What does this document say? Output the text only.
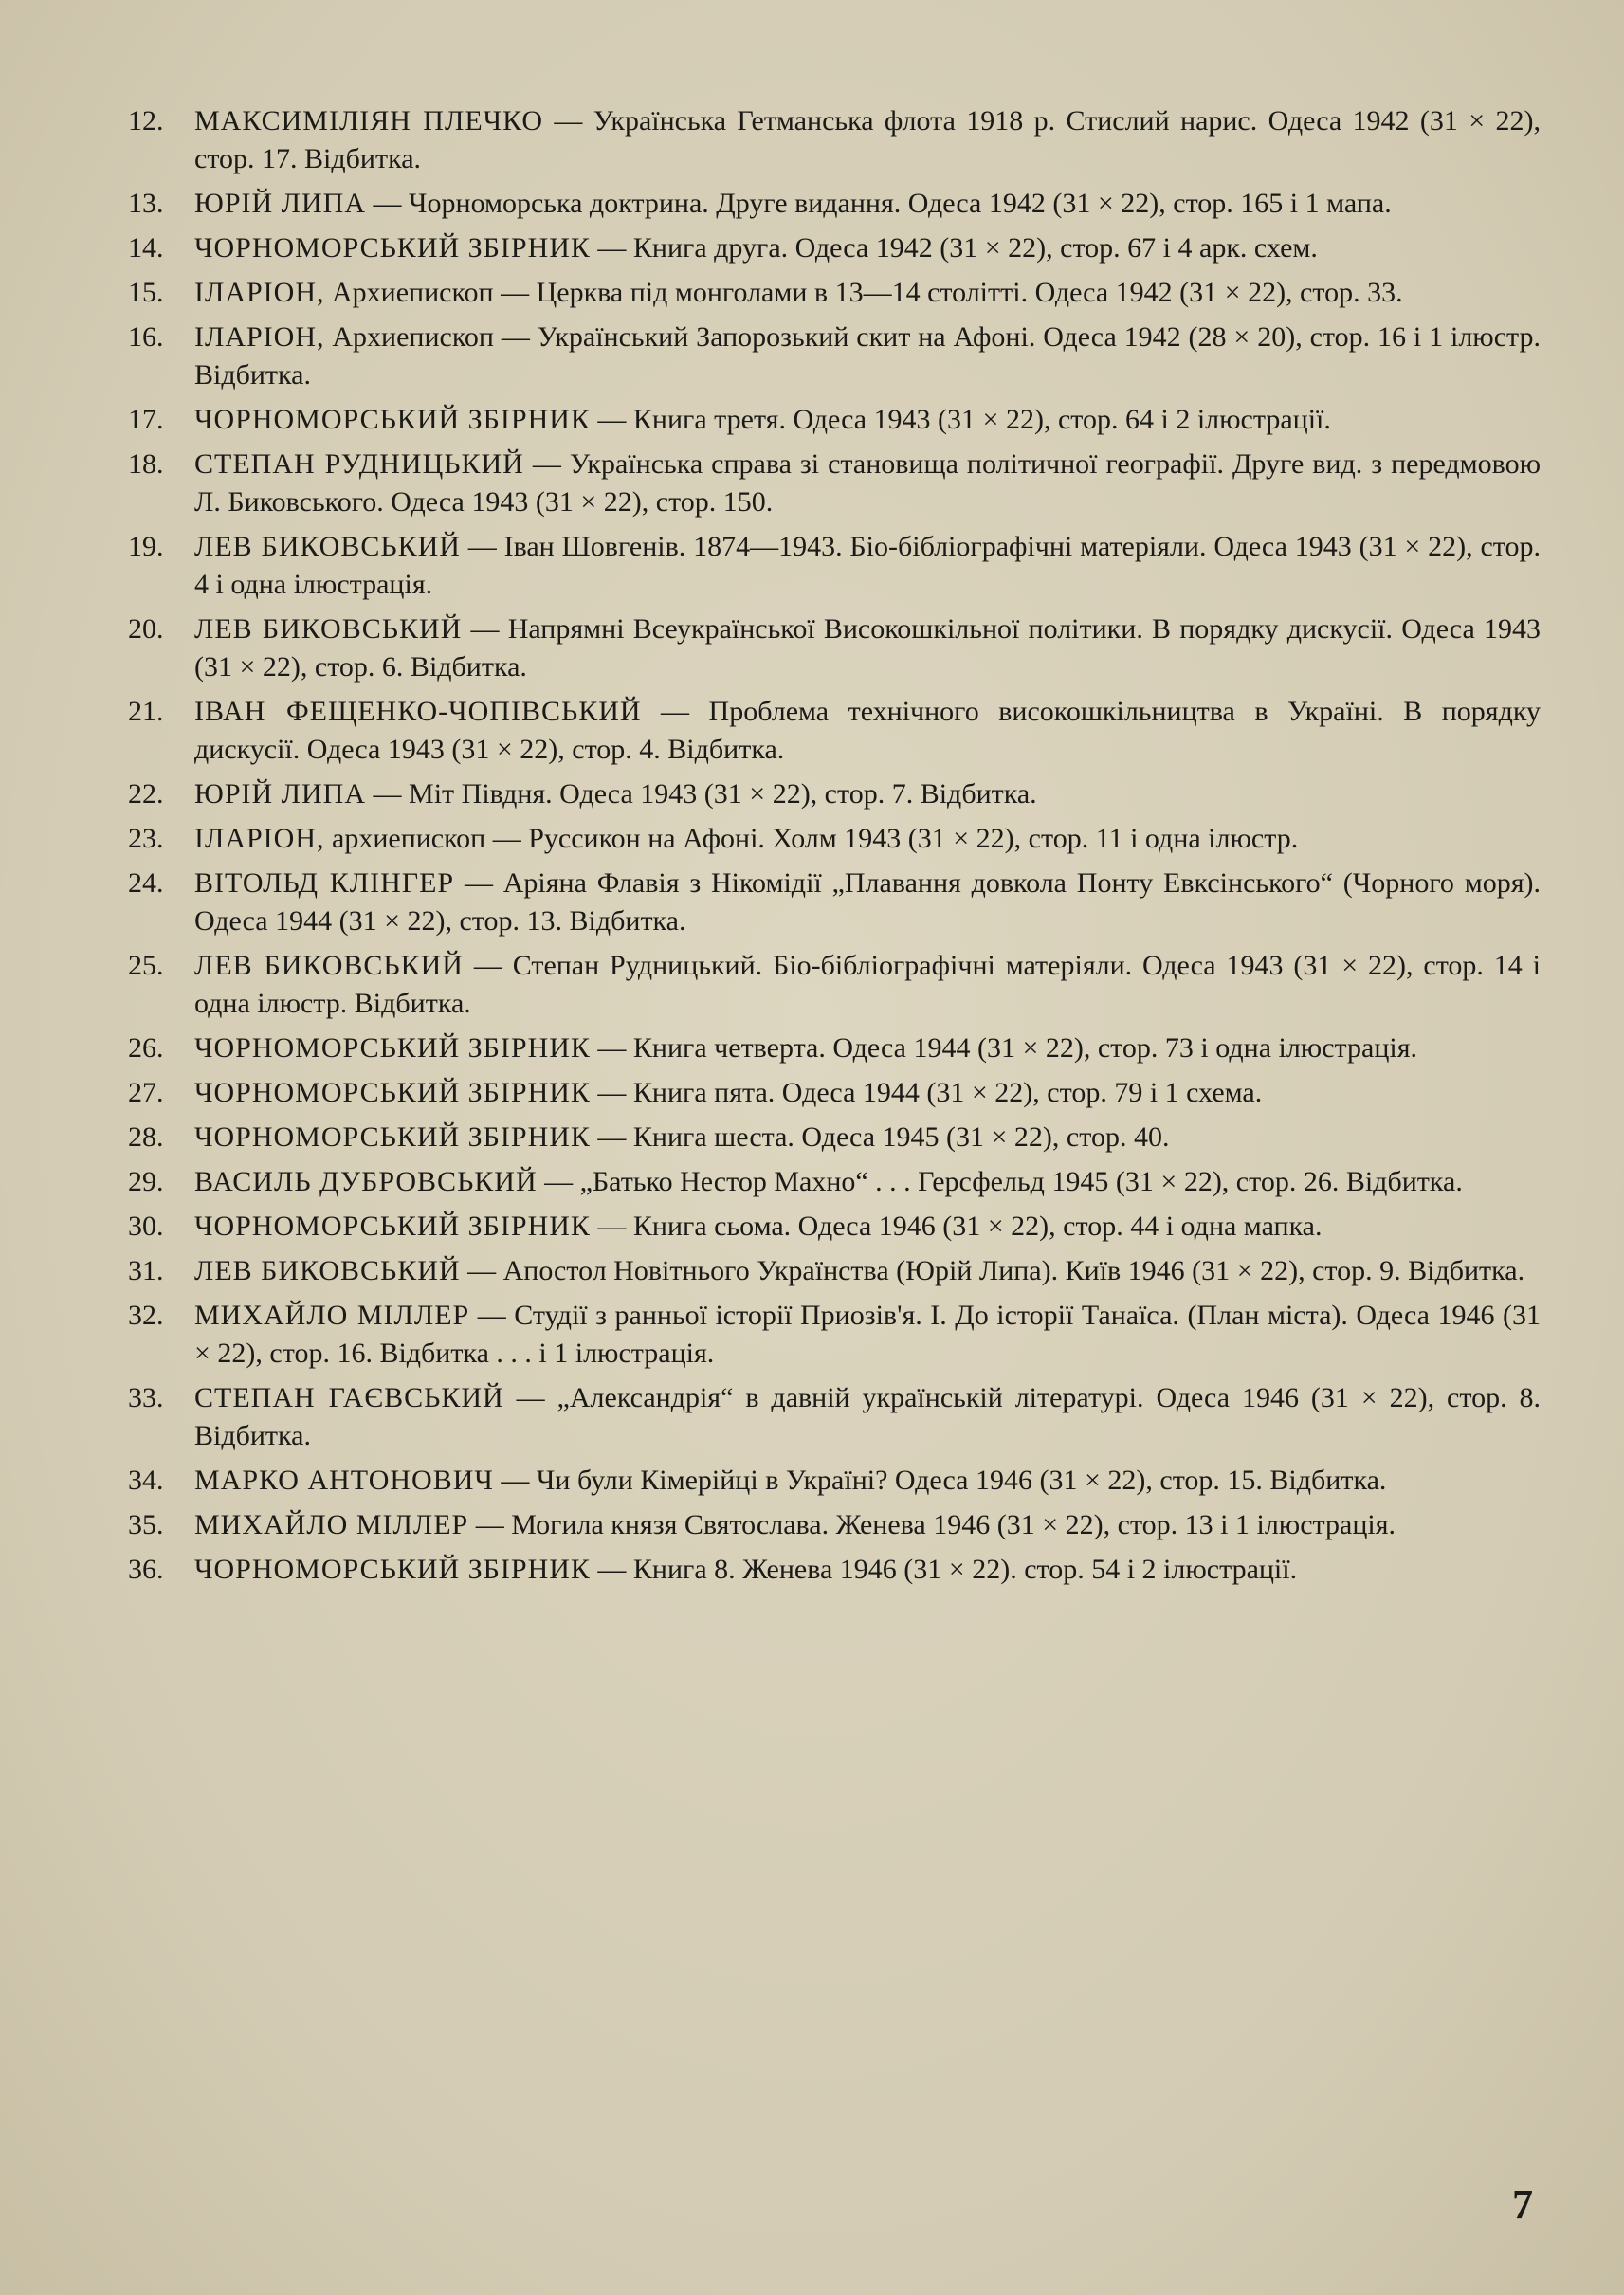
12.	МАКСИМІЛІЯН ПЛЕЧКО — Українська Гетманська флота 1918 р. Стислий нарис. Одеса 1942 (31 × 22), стор. 17. Відбитка.
13.	ЮРІЙ ЛИПА — Чорноморська доктрина. Друге видання. Одеса 1942 (31 × 22), стор. 165 і 1 мапа.
14.	ЧОРНОМОРСЬКИЙ ЗБІРНИК — Книга друга. Одеса 1942 (31 × 22), стор. 67 і 4 арк. схем.
15.	ІЛАРІОН, Архиепископ — Церква під монголами в 13—14 столітті. Одеса 1942 (31 × 22), стор. 33.
16.	ІЛАРІОН, Архиепископ — Український Запорозький скит на Афоні. Одеса 1942 (28 × 20), стор. 16 і 1 ілюстр. Відбитка.
17.	ЧОРНОМОРСЬКИЙ ЗБІРНИК — Книга третя. Одеса 1943 (31 × 22), стор. 64 і 2 ілюстрації.
18.	СТЕПАН РУДНИЦЬКИЙ — Українська справа зі становища політичної географії. Друге вид. з передмовою Л. Биковського. Одеса 1943 (31 × 22), стор. 150.
19.	ЛЕВ БИКОВСЬКИЙ — Іван Шовгенів. 1874—1943. Біо-бібліографічні матеріяли. Одеса 1943 (31 × 22), стор. 4 і одна ілюстрація.
20.	ЛЕВ БИКОВСЬКИЙ — Напрямні Всеукраїнської Високошкільної політики. В порядку дискусії. Одеса 1943 (31 × 22), стор. 6. Відбитка.
21.	ІВАН ФЕЩЕНКО-ЧОПІВСЬКИЙ — Проблема технічного високошкільництва в Україні. В порядку дискусії. Одеса 1943 (31 × 22), стор. 4. Відбитка.
22.	ЮРІЙ ЛИПА — Міт Півдня. Одеса 1943 (31 × 22), стор. 7. Відбитка.
23.	ІЛАРІОН, архиепископ — Руссикон на Афоні. Холм 1943 (31 × 22), стор. 11 і одна ілюстр.
24.	ВІТОЛЬД КЛІНГЕР — Аріяна Флавія з Нікомідії „Плавання довкола Понту Евксінського“ (Чорного моря). Одеса 1944 (31 × 22), стор. 13. Відбитка.
25.	ЛЕВ БИКОВСЬКИЙ — Степан Рудницький. Біо-бібліографічні матеріяли. Одеса 1943 (31 × 22), стор. 14 і одна ілюстр. Відбитка.
26.	ЧОРНОМОРСЬКИЙ ЗБІРНИК — Книга четверта. Одеса 1944 (31 × 22), стор. 73 і одна ілюстрація.
27.	ЧОРНОМОРСЬКИЙ ЗБІРНИК — Книга пята. Одеса 1944 (31 × 22), стор. 79 і 1 схема.
28.	ЧОРНОМОРСЬКИЙ ЗБІРНИК — Книга шеста. Одеса 1945 (31 × 22), стор. 40.
29.	ВАСИЛЬ ДУБРОВСЬКИЙ — „Батько Нестор Махно“ . . . Герсфельд 1945 (31 × 22), стор. 26. Відбитка.
30.	ЧОРНОМОРСЬКИЙ ЗБІРНИК — Книга сьома. Одеса 1946 (31 × 22), стор. 44 і одна мапка.
31.	ЛЕВ БИКОВСЬКИЙ — Апостол Новітнього Українства (Юрій Липа). Київ 1946 (31 × 22), стор. 9. Відбитка.
32.	МИХАЙЛО МІЛЛЕР — Студії з ранньої історії Приозів'я. І. До історії Танаїса. (План міста). Одеса 1946 (31 × 22), стор. 16. Відбитка . . . і 1 ілюстрація.
33.	СТЕПАН ГАЄВСЬКИЙ — „Александрія“ в давній українській літературі. Одеса 1946 (31 × 22), стор. 8. Відбитка.
34.	МАРКО АНТОНОВИЧ — Чи були Кімерійці в Україні? Одеса 1946 (31 × 22), стор. 15. Відбитка.
35.	МИХАЙЛО МІЛЛЕР — Могила князя Святослава. Женева 1946 (31 × 22), стор. 13 і 1 ілюстрація.
36.	ЧОРНОМОРСЬКИЙ ЗБІРНИК — Книга 8. Женева 1946 (31 × 22). стор. 54 і 2 ілюстрації.
7
